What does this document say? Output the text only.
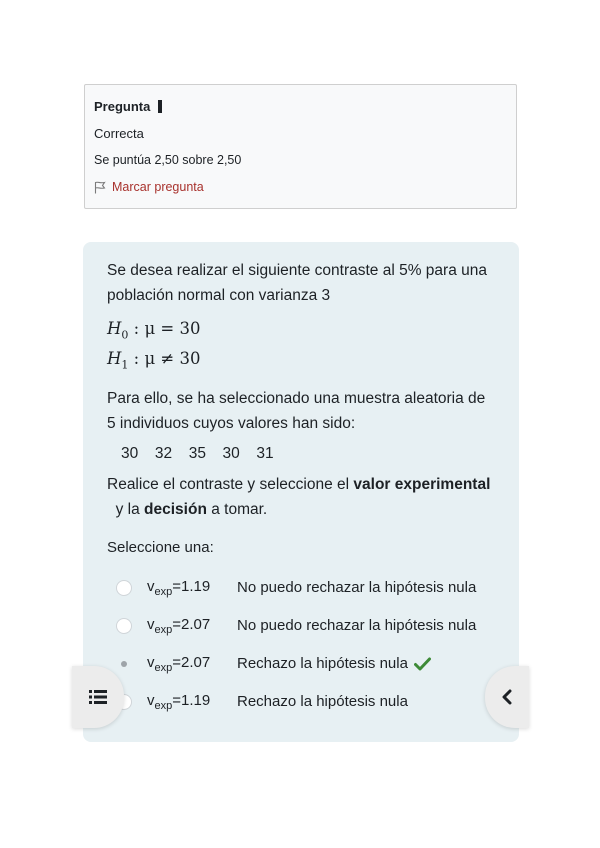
Pregunta
Correcta
Se puntúa 2,50 sobre 2,50
Marcar pregunta

Se desea realizar el siguiente contraste al 5% para una población normal con varianza 3

$H_0$ : μ = 30

$H_1$ : μ ≠ 30

Para ello, se ha seleccionado una muestra aleatoria de 5 individuos cuyos valores han sido:

30  32  35  30  31

Realice el contraste y seleccione el valor experimental  y la decisión a tomar.

Seleccione una:
$v_{exp}=1.19$	No puedo rechazar la hipótesis nula
$v_{exp}=2.07$	No puedo rechazar la hipótesis nula
$v_{exp}=2.07$	Rechazo la hipótesis nula
$v_{exp}=1.19$	Rechazo la hipótesis nula
